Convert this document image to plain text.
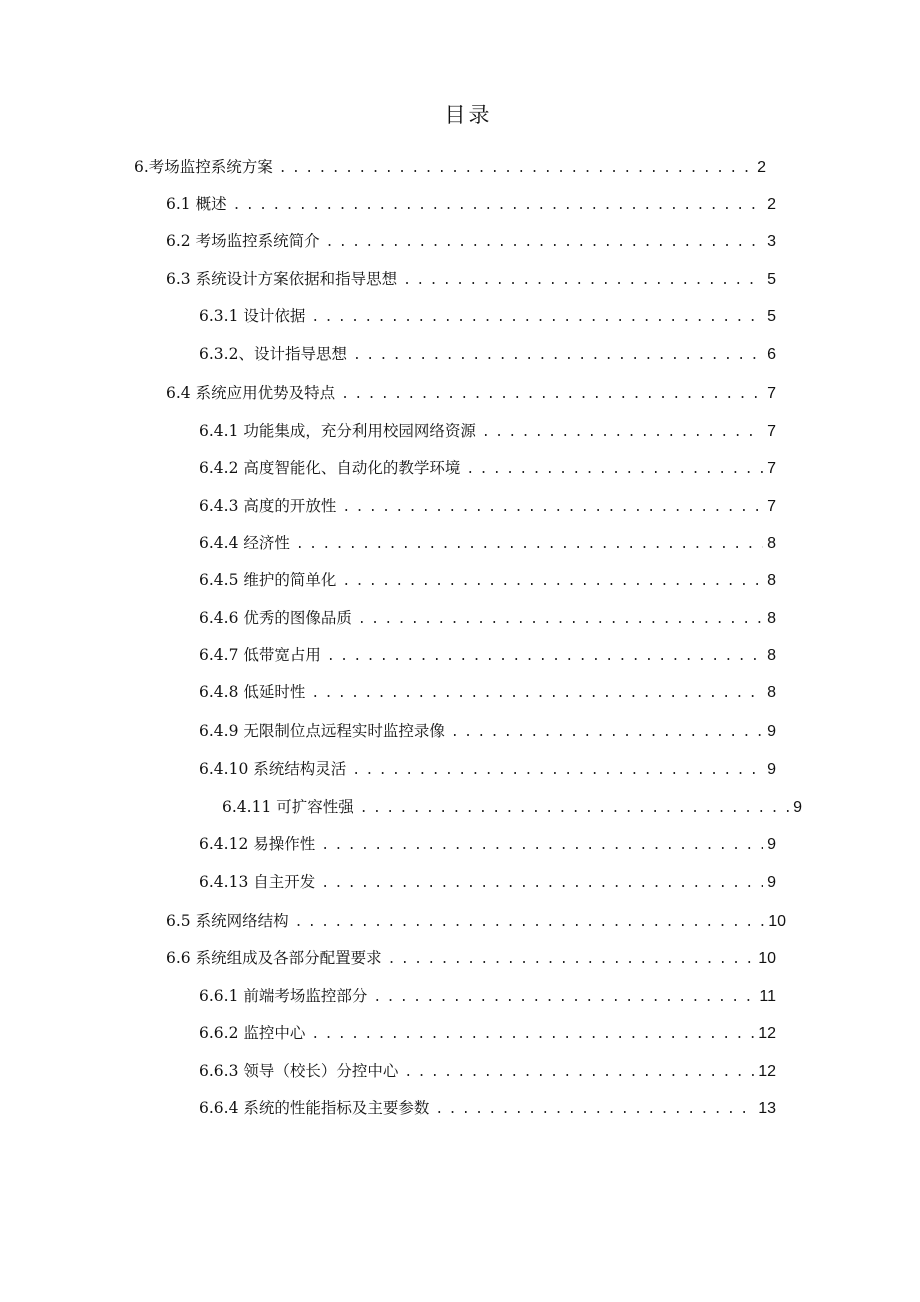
目录
6.考场监控系统方案 . . .	2
6.1 概述 . . .	2
6.2 考场监控系统简介 . . .	3
6.3 系统设计方案依据和指导思想 . . .	5
6.3.1 设计依据 . . .	5
6.3.2、设计指导思想 . . .	6
6.4 系统应用优势及特点 . . .	7
6.4.1 功能集成，充分利用校园网络资源 . . .	7
6.4.2 高度智能化、自动化的教学环境 . . .	7
6.4.3 高度的开放性 . . .	7
6.4.4 经济性 . . .	8
6.4.5 维护的简单化 . . .	8
6.4.6 优秀的图像品质 . . .	8
6.4.7 低带宽占用 . . .	8
6.4.8 低延时性 . . .	8
6.4.9 无限制位点远程实时监控录像 . . .	9
6.4.10 系统结构灵活 . . .	9
6.4.11 可扩容性强 . . .	9
6.4.12 易操作性 . . .	9
6.4.13 自主开发 . . .	9
6.5 系统网络结构 . . .	10
6.6 系统组成及各部分配置要求 . . .	10
6.6.1 前端考场监控部分 . . .	11
6.6.2 监控中心 . . .	12
6.6.3 领导（校长）分控中心 . . .	12
6.6.4 系统的性能指标及主要参数 . . .	13
